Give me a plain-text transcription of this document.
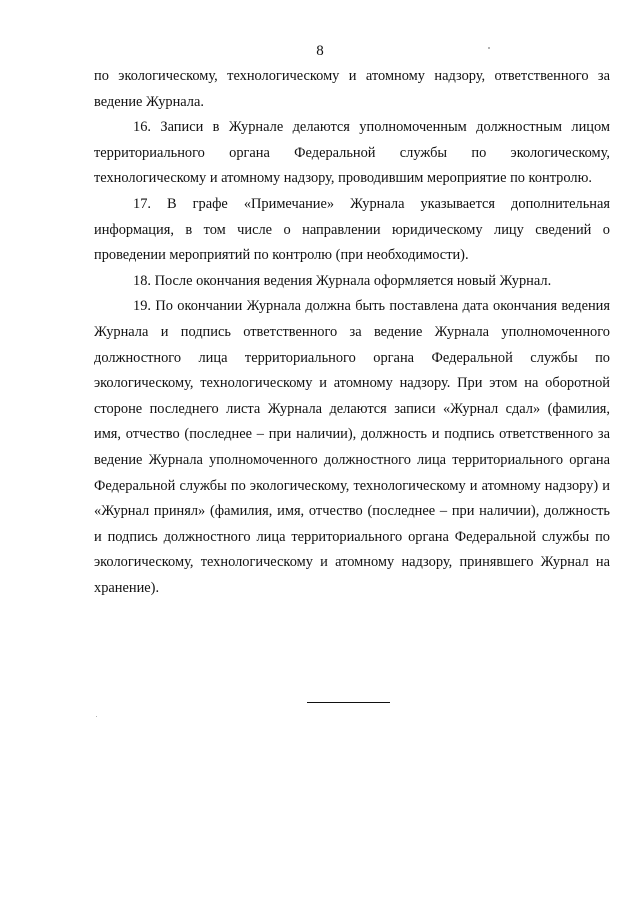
8

по экологическому, технологическому и атомному надзору, ответственного за ведение Журнала.

16. Записи в Журнале делаются уполномоченным должностным лицом территориального органа Федеральной службы по экологическому, технологическому и атомному надзору, проводившим мероприятие по контролю.

17. В графе «Примечание» Журнала указывается дополнительная информация, в том числе о направлении юридическому лицу сведений о проведении мероприятий по контролю (при необходимости).

18. После окончания ведения Журнала оформляется новый Журнал.

19. По окончании Журнала должна быть поставлена дата окончания ведения Журнала и подпись ответственного за ведение Журнала уполномоченного должностного лица территориального органа Федеральной службы по экологическому, технологическому и атомному надзору. При этом на оборотной стороне последнего листа Журнала делаются записи «Журнал сдал» (фамилия, имя, отчество (последнее – при наличии), должность и подпись ответственного за ведение Журнала уполномоченного должностного лица территориального органа Федеральной службы по экологическому, технологическому и атомному надзору) и «Журнал принял» (фамилия, имя, отчество (последнее – при наличии), должность и подпись должностного лица территориального органа Федеральной службы по экологическому, технологическому и атомному надзору, принявшего Журнал на хранение).
